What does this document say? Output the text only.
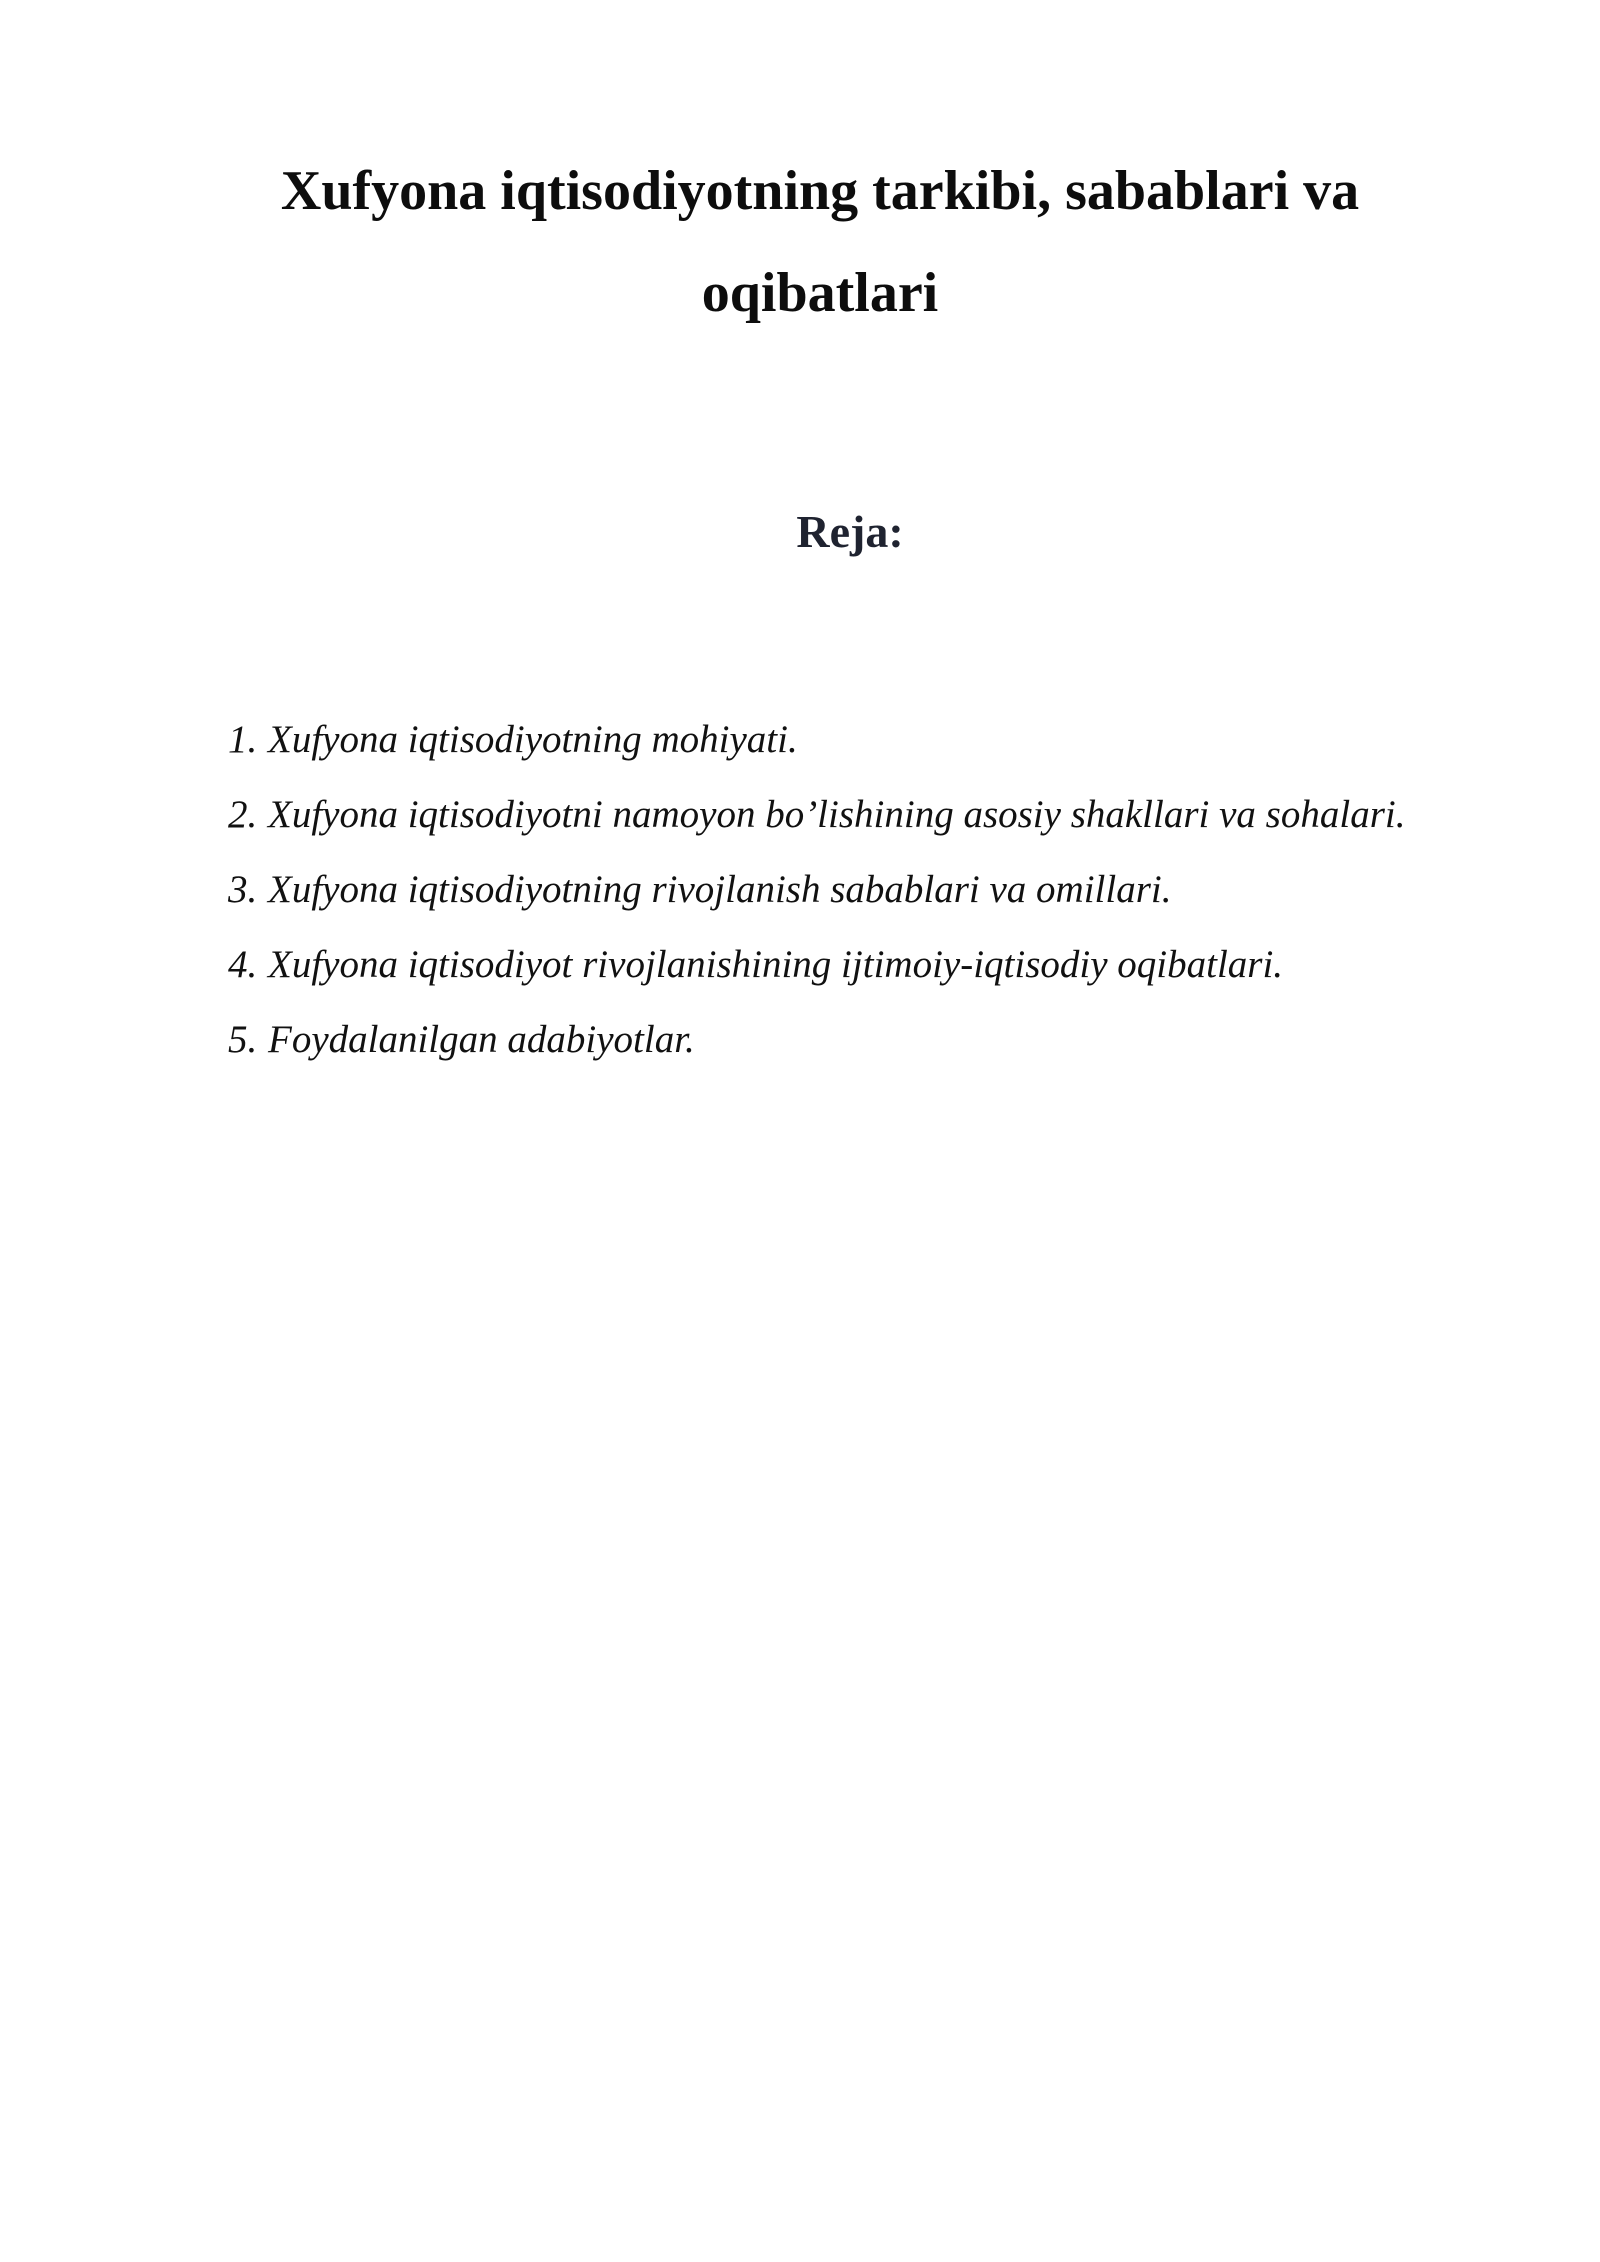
Xufyona iqtisodiyotning tarkibi, sabablari va oqibatlari
Reja:
1. Xufyona iqtisodiyotning mohiyati.
2. Xufyona iqtisodiyotni namoyon bo’lishining asosiy shakllari va sohalari.
3. Xufyona iqtisodiyotning rivojlanish sabablari va omillari.
4. Xufyona iqtisodiyot rivojlanishining ijtimoiy-iqtisodiy oqibatlari.
5. Foydalanilgan adabiyotlar.
